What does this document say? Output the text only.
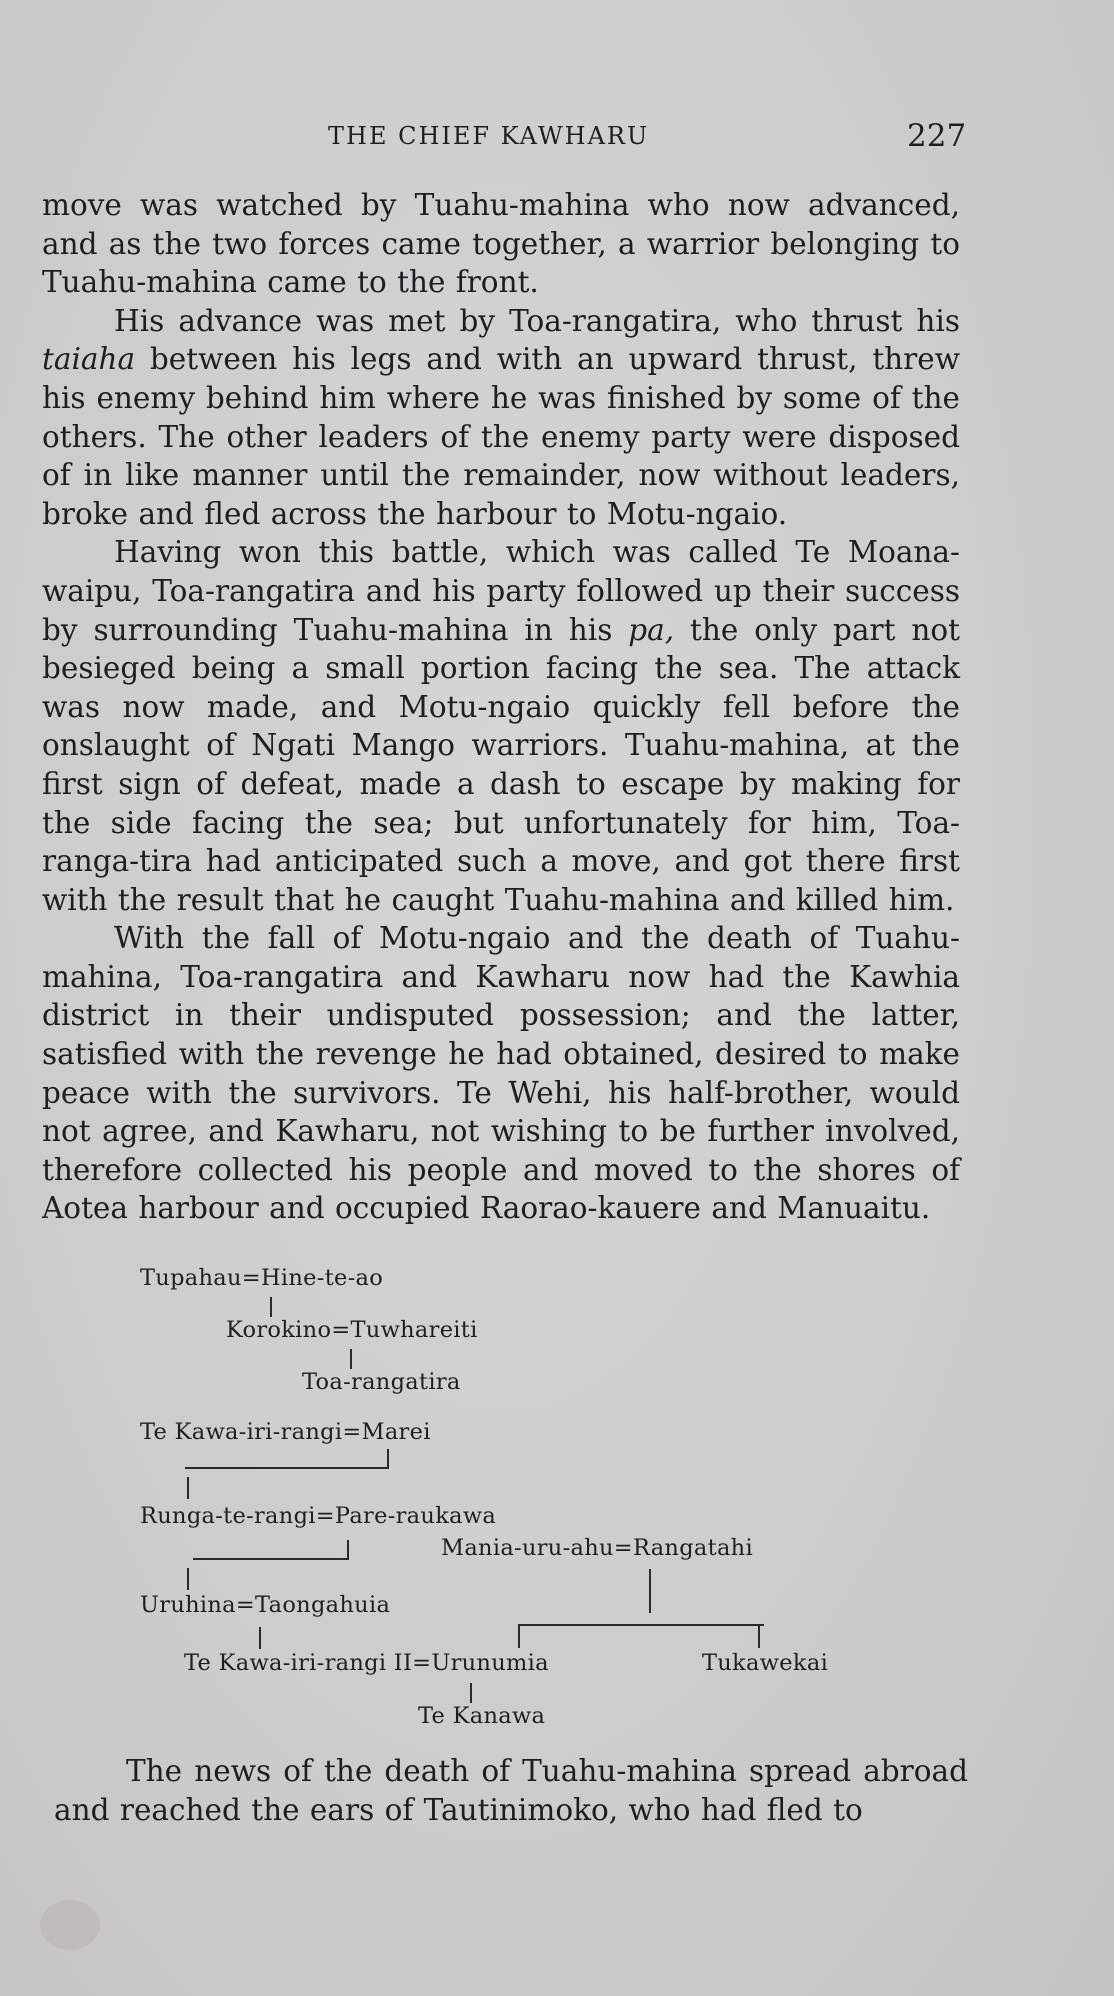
THE CHIEF KAWHARU	227

move was watched by Tuahu-mahina who now advanced, and as the two forces came together, a warrior belonging to Tuahu-mahina came to the front.

His advance was met by Toa-rangatira, who thrust his taiaha between his legs and with an upward thrust, threw his enemy behind him where he was finished by some of the others. The other leaders of the enemy party were disposed of in like manner until the remainder, now without leaders, broke and fled across the harbour to Motu-ngaio.

Having won this battle, which was called Te Moana-waipu, Toa-rangatira and his party followed up their success by surrounding Tuahu-mahina in his pa, the only part not besieged being a small portion facing the sea. The attack was now made, and Motu-ngaio quickly fell before the onslaught of Ngati Mango warriors. Tuahu-mahina, at the first sign of defeat, made a dash to escape by making for the side facing the sea; but unfortunately for him, Toa-ranga-tira had anticipated such a move, and got there first with the result that he caught Tuahu-mahina and killed him.

With the fall of Motu-ngaio and the death of Tuahu-mahina, Toa-rangatira and Kawharu now had the Kawhia district in their undisputed possession; and the latter, satisfied with the revenge he had obtained, desired to make peace with the survivors. Te Wehi, his half-brother, would not agree, and Kawharu, not wishing to be further involved, therefore collected his people and moved to the shores of Aotea harbour and occupied Raorao-kauere and Manuaitu.

Tupahau=Hine-te-ao
Korokino=Tuwhareiti
Toa-rangatira
Te Kawa-iri-rangi=Marei
Runga-te-rangi=Pare-raukawa
Mania-uru-ahu=Rangatahi
Uruhina=Taongahuia
Te Kawa-iri-rangi II=Urunumia	Tukawekai
Te Kanawa

The news of the death of Tuahu-mahina spread abroad and reached the ears of Tautinimoko, who had fled to
